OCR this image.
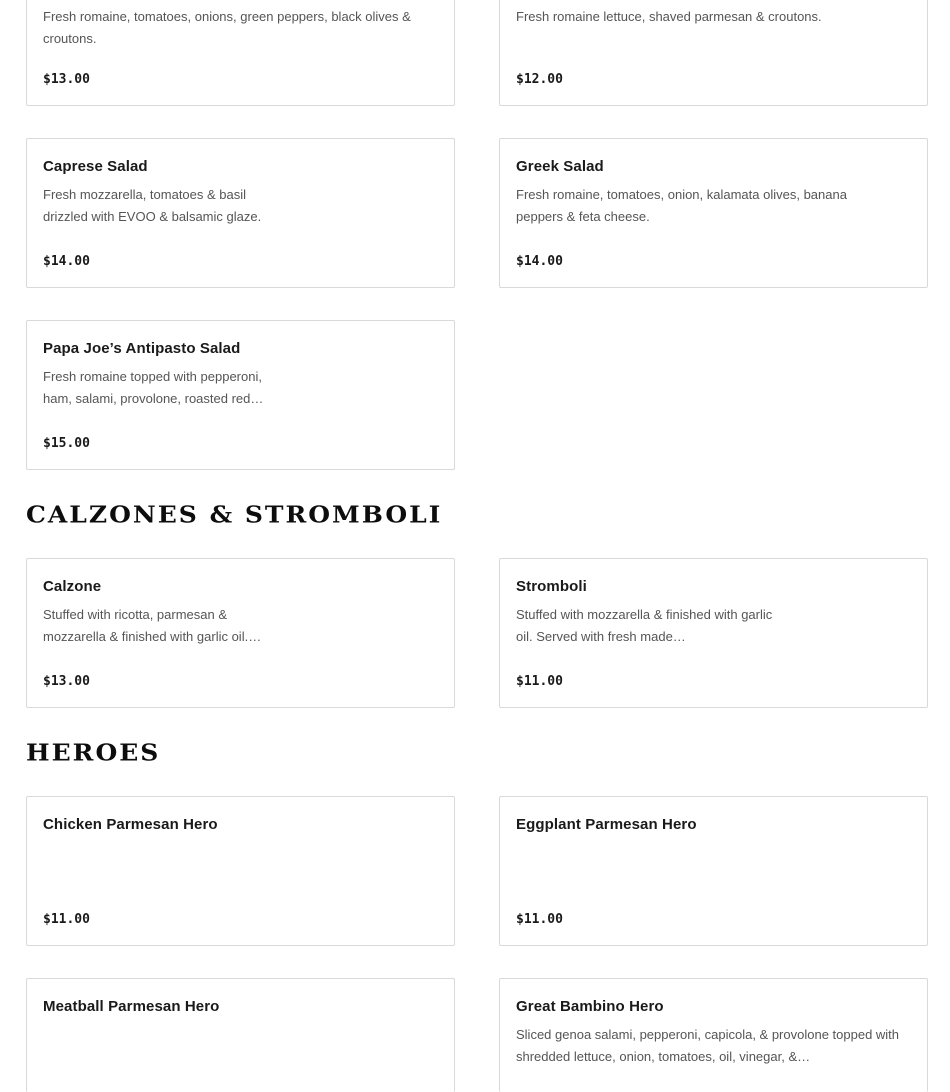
Fresh romaine, tomatoes, onions, green peppers, black olives & croutons.
$13.00
Fresh romaine lettuce, shaved parmesan & croutons.
$12.00
Caprese Salad
Fresh mozzarella, tomatoes & basil drizzled with EVOO & balsamic glaze.
$14.00
Greek Salad
Fresh romaine, tomatoes, onion, kalamata olives, banana peppers & feta cheese.
$14.00
Papa Joe’s Antipasto Salad
Fresh romaine topped with pepperoni, ham, salami, provolone, roasted red…
$15.00
CALZONES & STROMBOLI
Calzone
Stuffed with ricotta, parmesan & mozzarella & finished with garlic oil.…
$13.00
Stromboli
Stuffed with mozzarella & finished with garlic oil. Served with fresh made…
$11.00
HEROES
Chicken Parmesan Hero
$11.00
Eggplant Parmesan Hero
$11.00
Meatball Parmesan Hero	Great Bambino Hero
Sliced genoa salami, pepperoni, capicola, & provolone topped with shredded lettuce, onion, tomatoes, oil, vinegar, &…
